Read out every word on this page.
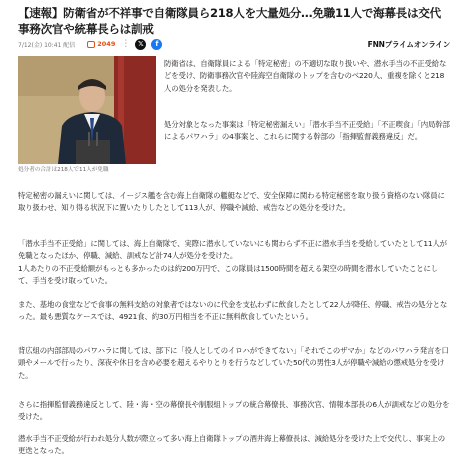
【速報】防衛省が不祥事で自衛隊員ら218人を大量処分…免職11人で海幕長は交代　事務次官や統幕長らは訓戒
7/12(金) 10:41 配信	2049 ⋮	𝕏	f	FNNプライムオンライン
処分者の合計は218人で11人が免職

防衛省は、自衛隊員による「特定秘密」の不適切な取り扱いや、潜水手当の不正受給などを受け、防衛事務次官や陸海空自衛隊のトップを含むのべ220人、重複を除くと218人の処分を発表した。

処分対象となった事案は「特定秘密漏えい」「潜水手当不正受給」「不正喫食」「内局幹部によるパワハラ」の4事案と、これらに関する幹部の「指揮監督義務違反」だ。

特定秘密の漏えいに関しては、イージス艦を含む海上自衛隊の艦艇などで、安全保障に関わる特定秘密を取り扱う資格のない隊員に取り扱わせ、知り得る状況下に置いたりしたとして113人が、停職や減給、戒告などの処分を受けた。

「潜水手当不正受給」に関しては、海上自衛隊で、実際に潜水していないにも関わらず不正に潜水手当を受給していたとして11人が免職となったほか、停職、減給、訓戒など計74人が処分を受けた。

1人あたりの不正受給額がもっとも多かったのは約200万円で、この隊員は1500時間を超える架空の時間を潜水していたことにして、手当を受け取っていた。

また、基地の食堂などで食事の無料支給の対象者ではないのに代金を支払わずに飲食したとして22人が降任、停職、戒告の処分となった。最も悪質なケースでは、4921食、約30万円相当を不正に無料飲食していたという。

背広組の内部部局のパワハラに関しては、部下に「役人としてのイロハができてない」「それでこのザマか」などのパワハラ発言を口頭やメールで行ったり、深夜や休日を含め必要を超えるやりとりを行うなどしていた50代の男性3人が停職や減給の懲戒処分を受けた。

さらに指揮監督義務違反として、陸・海・空の幕僚長や制服組トップの統合幕僚長、事務次官、情報本部長の6人が訓戒などの処分を受けた。

潜水手当不正受給が行われ処分人数が際立って多い海上自衛隊トップの酒井海上幕僚長は、減給処分を受けた上で交代し、事実上の更迭となった。
